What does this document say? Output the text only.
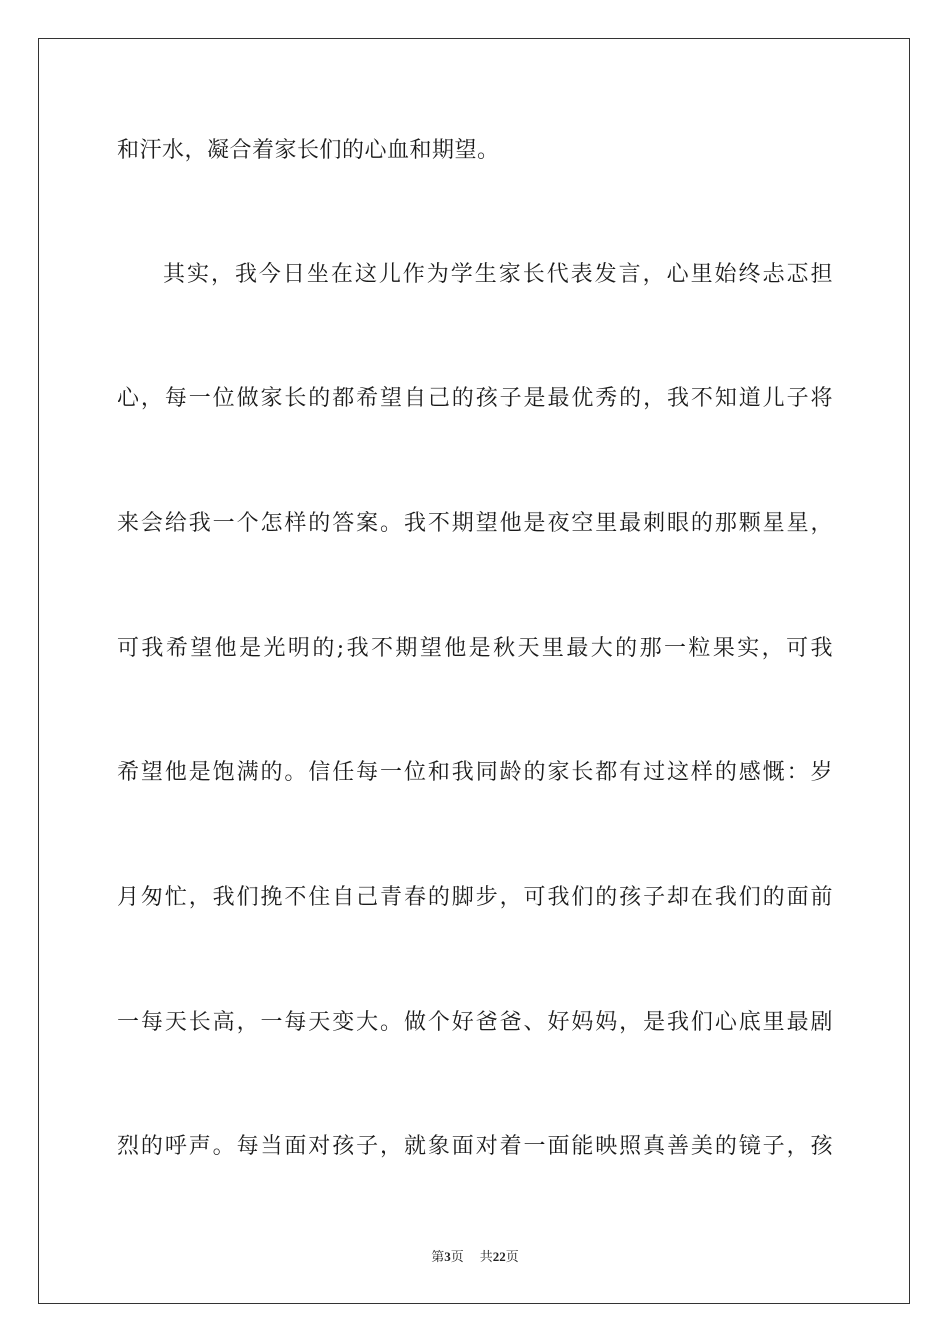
和汗水，凝合着家长们的心血和期望。
其实，我今日坐在这儿作为学生家长代表发言，心里始终忐忑担
心，每一位做家长的都希望自己的孩子是最优秀的，我不知道儿子将
来会给我一个怎样的答案。我不期望他是夜空里最刺眼的那颗星星，
可我希望他是光明的;我不期望他是秋天里最大的那一粒果实，可我
希望他是饱满的。信任每一位和我同龄的家长都有过这样的感慨：岁
月匆忙，我们挽不住自己青春的脚步，可我们的孩子却在我们的面前
一每天长高，一每天变大。做个好爸爸、好妈妈，是我们心底里最剧
烈的呼声。每当面对孩子，就象面对着一面能映照真善美的镜子，孩
第3页 共22页
